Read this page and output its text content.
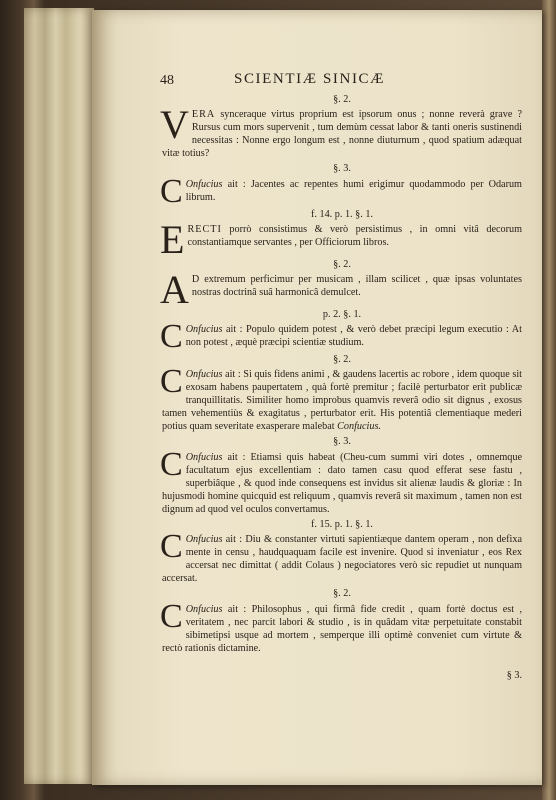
48	SCIENTIÆ SINICÆ
§. 2.
VERA synceraque virtus proprium est ipsorum onus ; nonne reverà grave ? Rursus cum mors supervenit , tum demùm cessat labor & tanti oneris sustinendi necessitas : Nonne ergo longum est , nonne diuturnum , quod spatium adæquat vitæ totius?
§. 3.
C Onfucius ait : Jacentes ac repentes humi erigimur quodammodo per Odarum librum.
f. 14. p. 1. §. 1.
ERECTI porrò consistimus & verò persistimus , in omni vitâ decorum constantiamque servantes , per Officiorum libros.
§. 2.
A D extremum perficimur per musicam , illam scilicet , quæ ipsas voluntates nostras doctrinâ suâ harmonicâ demulcet.
p. 2. §. 1.
C Onfucius ait : Populo quidem potest , & verò debet præcipi legum executio : At non potest , æquè præcipi scientiæ studium.
§. 2.
C Onfucius ait : Si quis fidens animi , & gaudens lacertis ac robore , idem quoque sit exosam habens paupertatem , quà fortè premitur ; facilè perturbator erit publicæ tranquillitatis. Similiter homo improbus quamvis reverâ odio sit dignus , exosus tamen vehementiùs & exagitatus , perturbator erit. His potentiâ clementiaque mederi potius quam severitate exasperare malebat Confucius.
§. 3.
C Onfucius ait : Etiamsi quis habeat (Cheu-cum summi viri dotes , omnemque facultatum ejus excellentiam : dato tamen casu quod efferat sese fastu , superbiâque , & quod inde consequens est invidus sit alienæ laudis & gloriæ : In hujusmodi homine quicquid est reliquum , quamvis reverâ sit maximum , tamen non est dignum ad quod vel oculos convertamus.
f. 15. p. 1. §. 1.
C Onfucius ait : Diu & constanter virtuti sapientiæque dantem operam , non defixa mente in censu , haudquaquam facile est invenire. Quod si inveniatur , eos Rex accersat nec dimittat ( addit Colaus ) negociatores verò sic repudiet ut nunquam accersat.
§. 2.
C Onfucius ait : Philosophus , qui firmâ fide credit , quam fortè doctus est , veritatem , nec parcit labori & studio , is in quâdam vitæ perpetuitate constabit sibimetipsi usque ad mortem , semperque illi optimè conveniet cum virtute & rectò rationis dictamine.
§ 3.
